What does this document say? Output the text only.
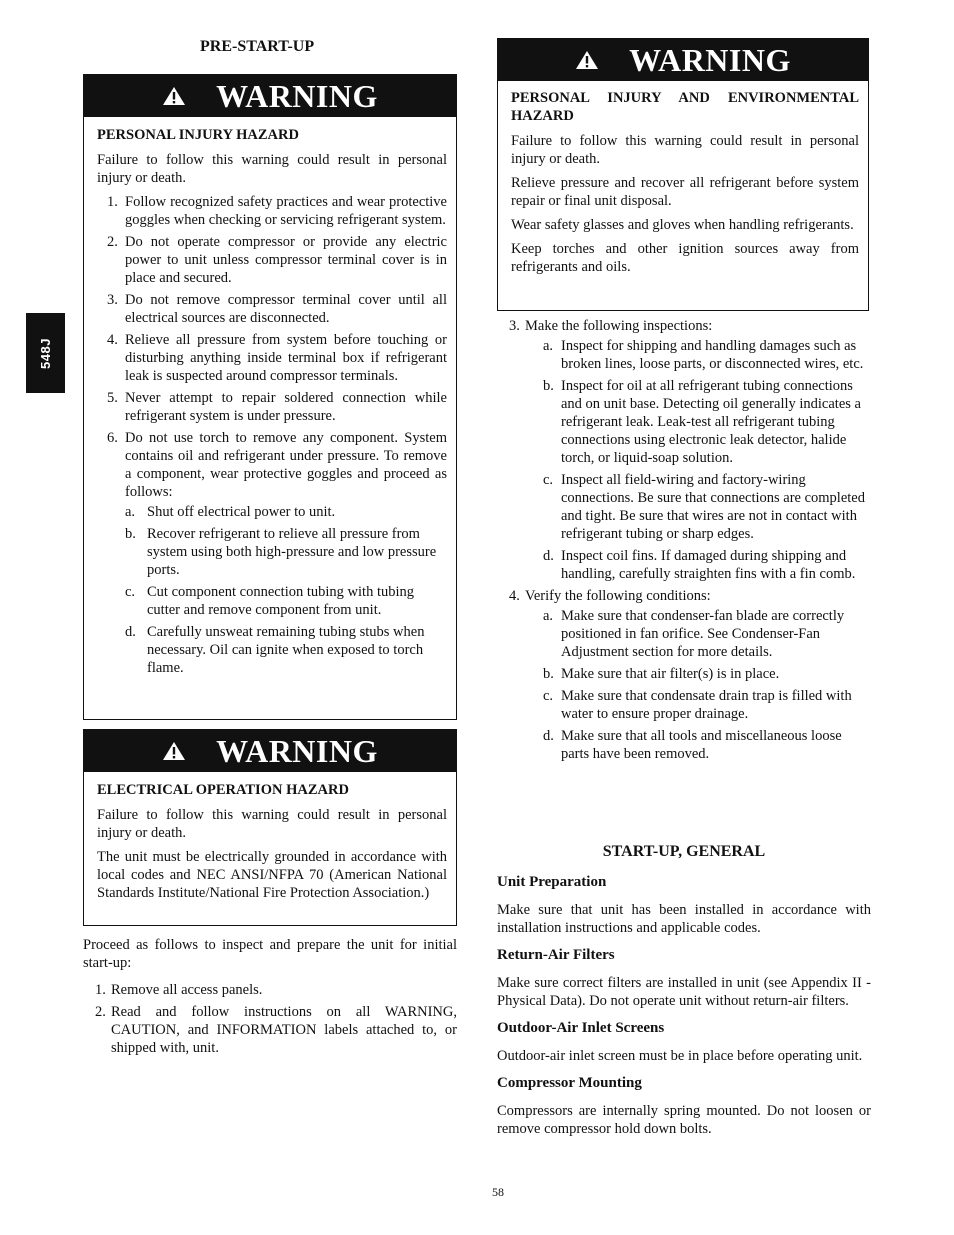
548J
PRE-START-UP
WARNING
PERSONAL INJURY HAZARD

Failure to follow this warning could result in personal injury or death.

1. Follow recognized safety practices and wear protective goggles when checking or servicing refrigerant system.
2. Do not operate compressor or provide any electric power to unit unless compressor terminal cover is in place and secured.
3. Do not remove compressor terminal cover until all electrical sources are disconnected.
4. Relieve all pressure from system before touching or disturbing anything inside terminal box if refrigerant leak is suspected around compressor terminals.
5. Never attempt to repair soldered connection while refrigerant system is under pressure.
6. Do not use torch to remove any component. System contains oil and refrigerant under pressure. To remove a component, wear protective goggles and proceed as follows:
a. Shut off electrical power to unit.
b. Recover refrigerant to relieve all pressure from system using both high-pressure and low pressure ports.
c. Cut component connection tubing with tubing cutter and remove component from unit.
d. Carefully unsweat remaining tubing stubs when necessary. Oil can ignite when exposed to torch flame.
WARNING
ELECTRICAL OPERATION HAZARD

Failure to follow this warning could result in personal injury or death.

The unit must be electrically grounded in accordance with local codes and NEC ANSI/NFPA 70 (American National Standards Institute/National Fire Protection Association.)

Proceed as follows to inspect and prepare the unit for initial start-up:

1. Remove all access panels.
2. Read and follow instructions on all WARNING, CAUTION, and INFORMATION labels attached to, or shipped with, unit.
WARNING
PERSONAL INJURY AND ENVIRONMENTAL HAZARD

Failure to follow this warning could result in personal injury or death.

Relieve pressure and recover all refrigerant before system repair or final unit disposal.

Wear safety glasses and gloves when handling refrigerants.

Keep torches and other ignition sources away from refrigerants and oils.

3. Make the following inspections:
a. Inspect for shipping and handling damages such as broken lines, loose parts, or disconnected wires, etc.
b. Inspect for oil at all refrigerant tubing connections and on unit base. Detecting oil generally indicates a refrigerant leak. Leak-test all refrigerant tubing connections using electronic leak detector, halide torch, or liquid-soap solution.
c. Inspect all field-wiring and factory-wiring connections. Be sure that connections are completed and tight. Be sure that wires are not in contact with refrigerant tubing or sharp edges.
d. Inspect coil fins. If damaged during shipping and handling, carefully straighten fins with a fin comb.
4. Verify the following conditions:
a. Make sure that condenser-fan blade are correctly positioned in fan orifice. See Condenser-Fan Adjustment section for more details.
b. Make sure that air filter(s) is in place.
c. Make sure that condensate drain trap is filled with water to ensure proper drainage.
d. Make sure that all tools and miscellaneous loose parts have been removed.
START-UP, GENERAL
Unit Preparation

Make sure that unit has been installed in accordance with installation instructions and applicable codes.

Return-Air Filters

Make sure correct filters are installed in unit (see Appendix II - Physical Data). Do not operate unit without return-air filters.

Outdoor-Air Inlet Screens

Outdoor-air inlet screen must be in place before operating unit.

Compressor Mounting

Compressors are internally spring mounted. Do not loosen or remove compressor hold down bolts.

58
